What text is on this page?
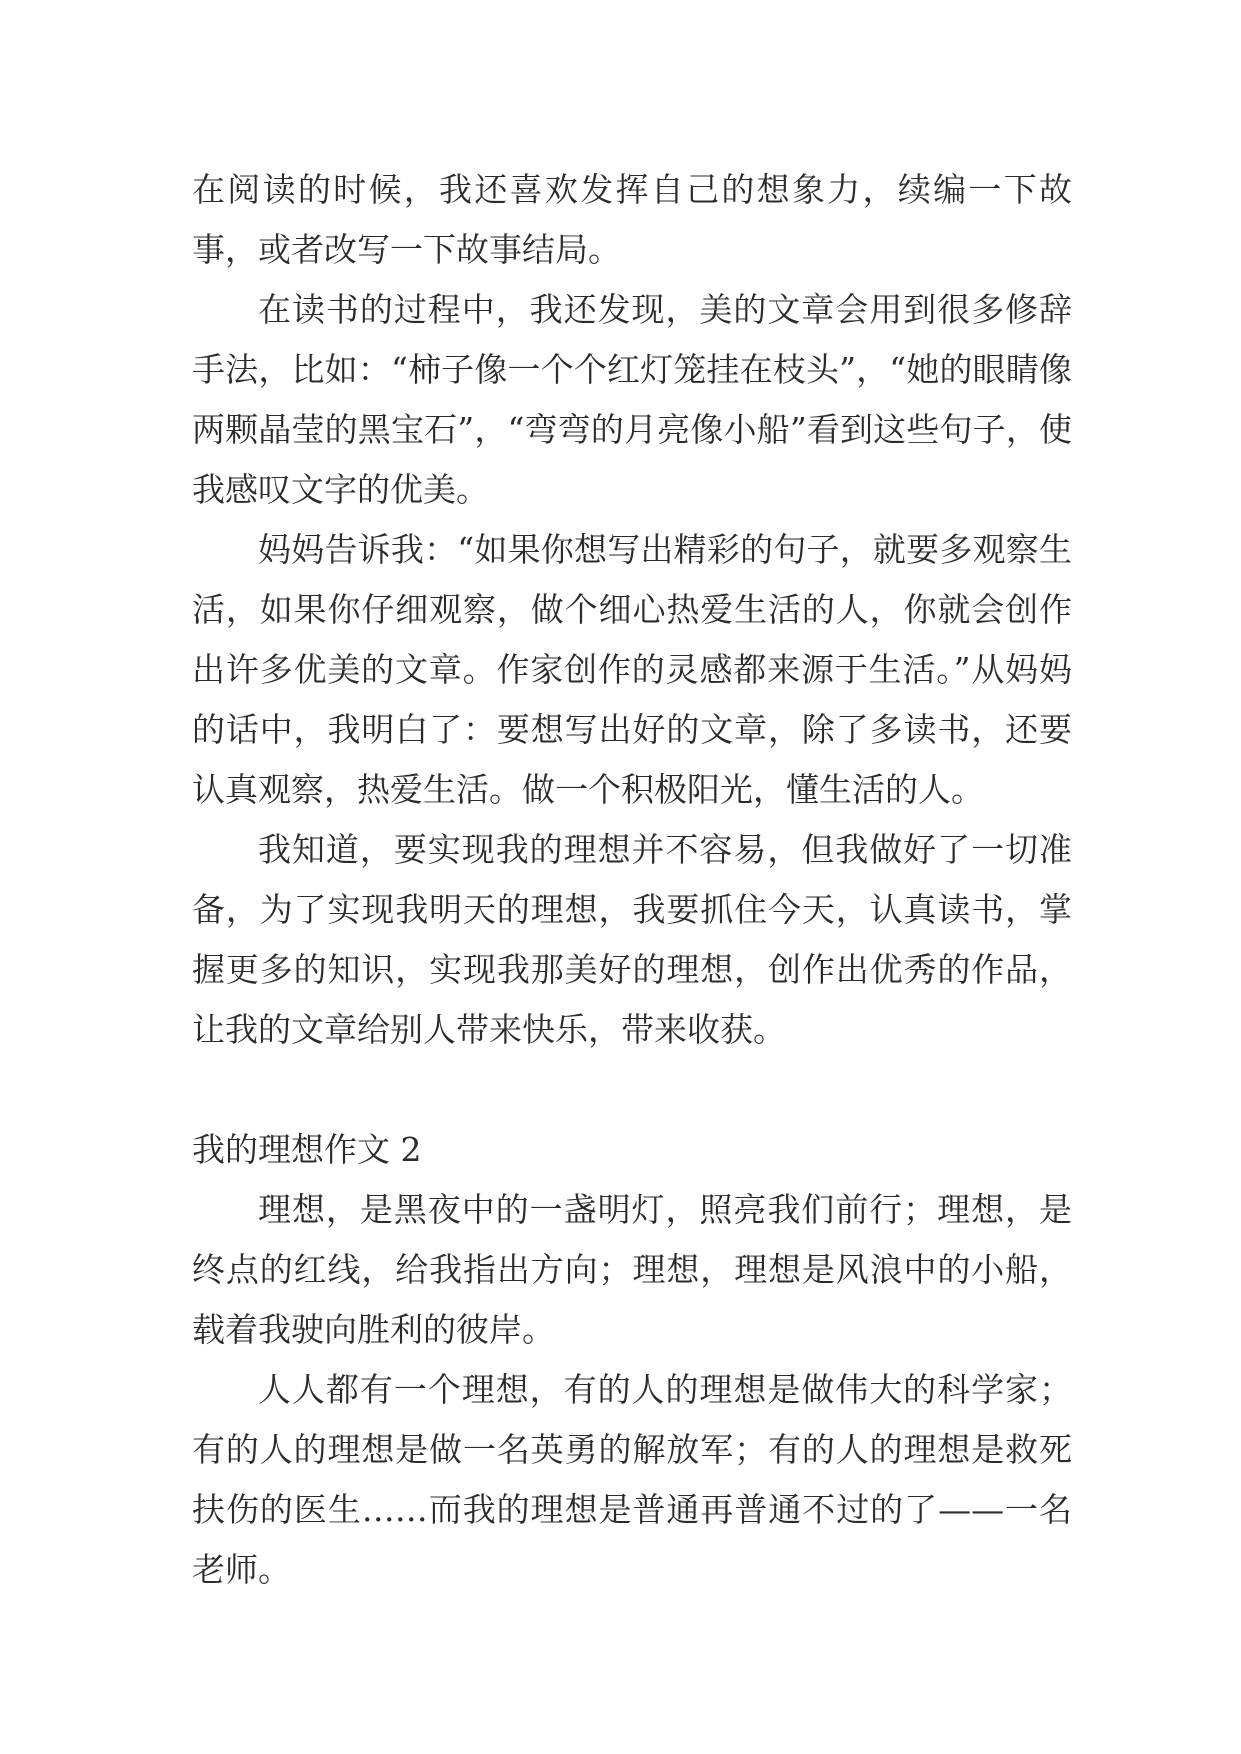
在阅读的时候，我还喜欢发挥自己的想象力，续编一下故事，或者改写一下故事结局。

在读书的过程中，我还发现，美的文章会用到很多修辞手法，比如：“柿子像一个个红灯笼挂在枝头”，“她的眼睛像两颗晶莹的黑宝石”，“弯弯的月亮像小船”看到这些句子，使我感叹文字的优美。

妈妈告诉我：“如果你想写出精彩的句子，就要多观察生活，如果你仔细观察，做个细心热爱生活的人，你就会创作出许多优美的文章。作家创作的灵感都来源于生活。”从妈妈的话中，我明白了：要想写出好的文章，除了多读书，还要认真观察，热爱生活。做一个积极阳光，懂生活的人。

我知道，要实现我的理想并不容易，但我做好了一切准备，为了实现我明天的理想，我要抓住今天，认真读书，掌握更多的知识，实现我那美好的理想，创作出优秀的作品，让我的文章给别人带来快乐，带来收获。

我的理想作文 2

理想，是黑夜中的一盏明灯，照亮我们前行；理想，是终点的红线，给我指出方向；理想，理想是风浪中的小船，载着我驶向胜利的彼岸。

人人都有一个理想，有的人的理想是做伟大的科学家；有的人的理想是做一名英勇的解放军；有的人的理想是救死扶伤的医生……而我的理想是普通再普通不过的了——一名老师。
